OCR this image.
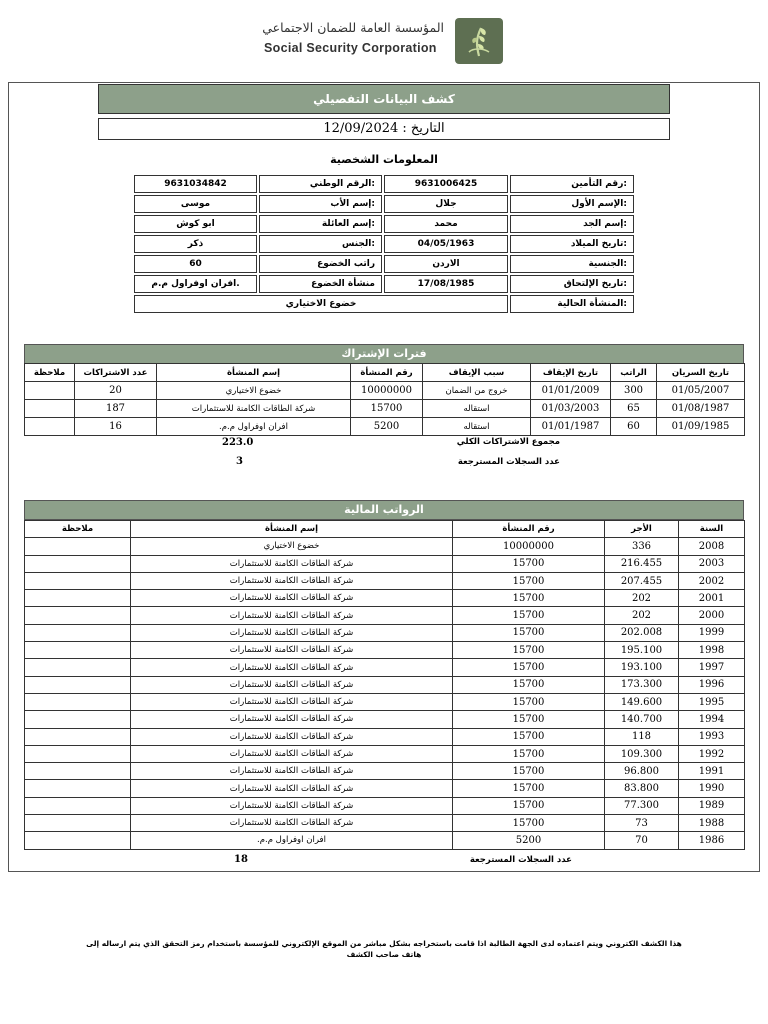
المؤسسة العامة للضمان الاجتماعي
Social Security Corporation
كشف البيانات التفصيلي
التاريخ : 12/09/2024
المعلومات الشخصية
رقم التأمين:
9631006425
الرقم الوطني:
9631034842
الإسم الأول:
جلال
إسم الأب:
موسى
إسم الجد:
محمد
إسم العائلة:
ابو كوش
تاريخ الميلاد:
04/05/1963
الجنس:
ذكر
الجنسية:
الاردن
راتب الخضوع
60
تاريخ الإلتحاق:
17/08/1985
منشأة الخضوع
افران اوفراول م.م.
المنشأة الحالية:
خضوع الاختياري
فترات الإشتراك
تاريخ السريان	الراتب	تاريخ الإيقاف	سبب الإيقاف	رقم المنشأة	إسم المنشأة	عدد الاشتراكات	ملاحظة
01/05/2007	300	01/01/2009	خروج من الضمان	10000000	خضوع الاختياري	20	
01/08/1987	65	01/03/2003	استقاله	15700	شركة الطاقات الكامنة للاستثمارات	187	
01/09/1985	60	01/01/1987	استقاله	5200	افران اوفراول م.م.	16	
مجموع الاشتراكات الكلي
223.0
عدد السجلات المسترجعة
3
الرواتب المالية
السنة	الأجر	رقم المنشأة	إسم المنشأة	ملاحظة
2008	336	10000000	خضوع الاختياري	
2003	216.455	15700	شركة الطاقات الكامنة للاستثمارات	
2002	207.455	15700	شركة الطاقات الكامنة للاستثمارات	
2001	202	15700	شركة الطاقات الكامنة للاستثمارات	
2000	202	15700	شركة الطاقات الكامنة للاستثمارات	
1999	202.008	15700	شركة الطاقات الكامنة للاستثمارات	
1998	195.100	15700	شركة الطاقات الكامنة للاستثمارات	
1997	193.100	15700	شركة الطاقات الكامنة للاستثمارات	
1996	173.300	15700	شركة الطاقات الكامنة للاستثمارات	
1995	149.600	15700	شركة الطاقات الكامنة للاستثمارات	
1994	140.700	15700	شركة الطاقات الكامنة للاستثمارات	
1993	118	15700	شركة الطاقات الكامنة للاستثمارات	
1992	109.300	15700	شركة الطاقات الكامنة للاستثمارات	
1991	96.800	15700	شركة الطاقات الكامنة للاستثمارات	
1990	83.800	15700	شركة الطاقات الكامنة للاستثمارات	
1989	77.300	15700	شركة الطاقات الكامنة للاستثمارات	
1988	73	15700	شركة الطاقات الكامنة للاستثمارات	
1986	70	5200	افران اوفراول م.م.	
عدد السجلات المسترجعة
18
هذا الكشف الكتروني ويتم اعتماده لدى الجهة الطالبة اذا قامت باستخراجه بشكل مباشر من الموقع الإلكتروني للمؤسسة باستخدام رمز التحقق الذي يتم ارساله إلى هاتف صاحب الكشف
